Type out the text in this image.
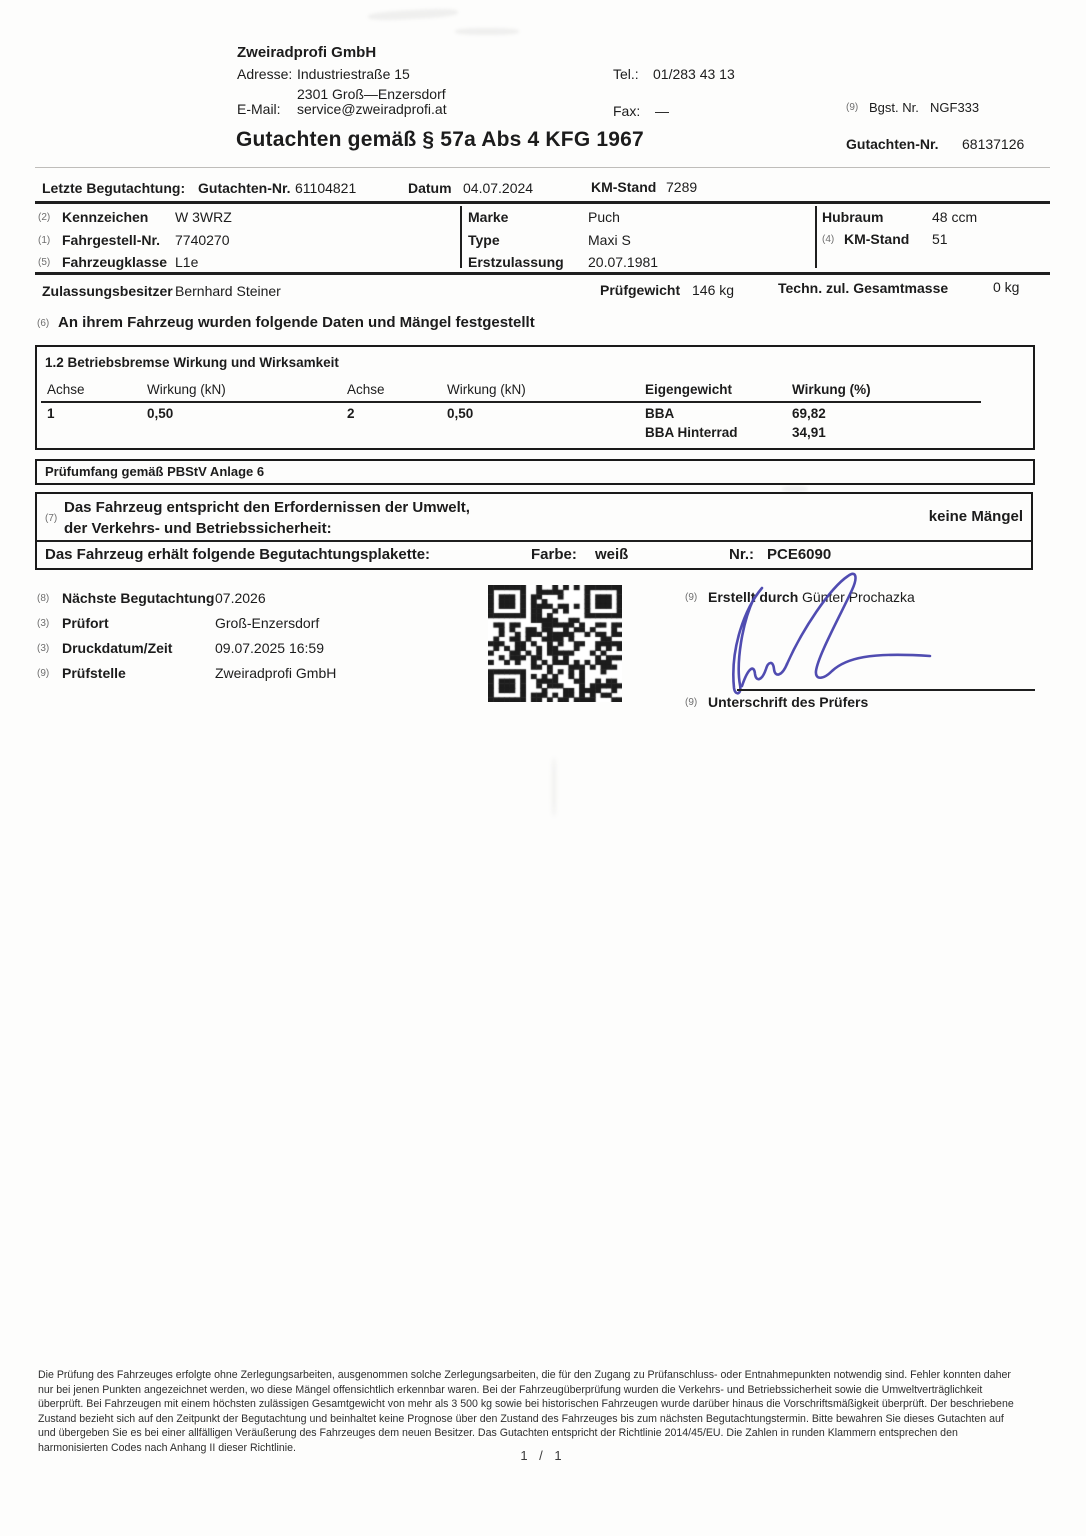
Zweiradprofi GmbH
Adresse: Industriestraße 15
2301 Groß—Enzersdorf
E-Mail: service@zweiradprofi.at
Tel.: 01/283 43 13
Fax: —	(9) Bgst. Nr. NGF333
Gutachten gemäß § 57a Abs 4 KFG 1967	Gutachten-Nr. 68137126
Letzte Begutachtung: Gutachten-Nr. 61104821	Datum 04.07.2024	KM-Stand 7289
(2) Kennzeichen W 3WRZ
(1) Fahrgestell-Nr. 7740270
(5) Fahrzeugklasse L1e
Marke	Puch
Type	Maxi S
Erstzulassung 20.07.1981
Hubraum	48 ccm
(4) KM-Stand 51
Zulassungsbesitzer Bernhard Steiner	Prüfgewicht 146 kg	Techn. zul. Gesamtmasse	0 kg
(6) An ihrem Fahrzeug wurden folgende Daten und Mängel festgestellt
1.2 Betriebsbremse Wirkung und Wirksamkeit
Achse	Wirkung (kN)	Achse	Wirkung (kN)	Eigengewicht	Wirkung (%)
1	0,50	2	0,50	BBA	69,82
BBA Hinterrad	34,91
Prüfumfang gemäß PBStV Anlage 6
(7)
Das Fahrzeug entspricht den Erfordernissen der Umwelt,
der Verkehrs- und Betriebssicherheit:
keine Mängel
Das Fahrzeug erhält folgende Begutachtungsplakette:	Farbe: weiß	Nr.: PCE6090
(8) Nächste Begutachtung 07.2026
(3) Prüfort	Groß-Enzersdorf
(3) Druckdatum/Zeit	09.07.2025 16:59
(9) Prüfstelle	Zweiradprofi GmbH
(9) Erstellt durch Günter Prochazka
(9) Unterschrift des Prüfers
Die Prüfung des Fahrzeuges erfolgte ohne Zerlegungsarbeiten, ausgenommen solche Zerlegungsarbeiten, die für den Zugang zu Prüfanschluss- oder Entnahmepunkten notwendig sind. Fehler konnten daher nur bei jenen Punkten angezeichnet werden, wo diese Mängel offensichtlich erkennbar waren. Bei der Fahrzeugüberprüfung wurden die Verkehrs- und Betriebssicherheit sowie die Umweltverträglichkeit überprüft. Bei Fahrzeugen mit einem höchsten zulässigen Gesamtgewicht von mehr als 3 500 kg sowie bei historischen Fahrzeugen wurde darüber hinaus die Vorschriftsmäßigkeit überprüft. Der beschriebene Zustand bezieht sich auf den Zeitpunkt der Begutachtung und beinhaltet keine Prognose über den Zustand des Fahrzeuges bis zum nächsten Begutachtungstermin. Bitte bewahren Sie dieses Gutachten auf und übergeben Sie es bei einer allfälligen Veräußerung des Fahrzeuges dem neuen Besitzer. Das Gutachten entspricht der Richtlinie 2014/45/EU. Die Zahlen in runden Klammern entsprechen den harmonisierten Codes nach Anhang II dieser Richtlinie.
1 / 1
